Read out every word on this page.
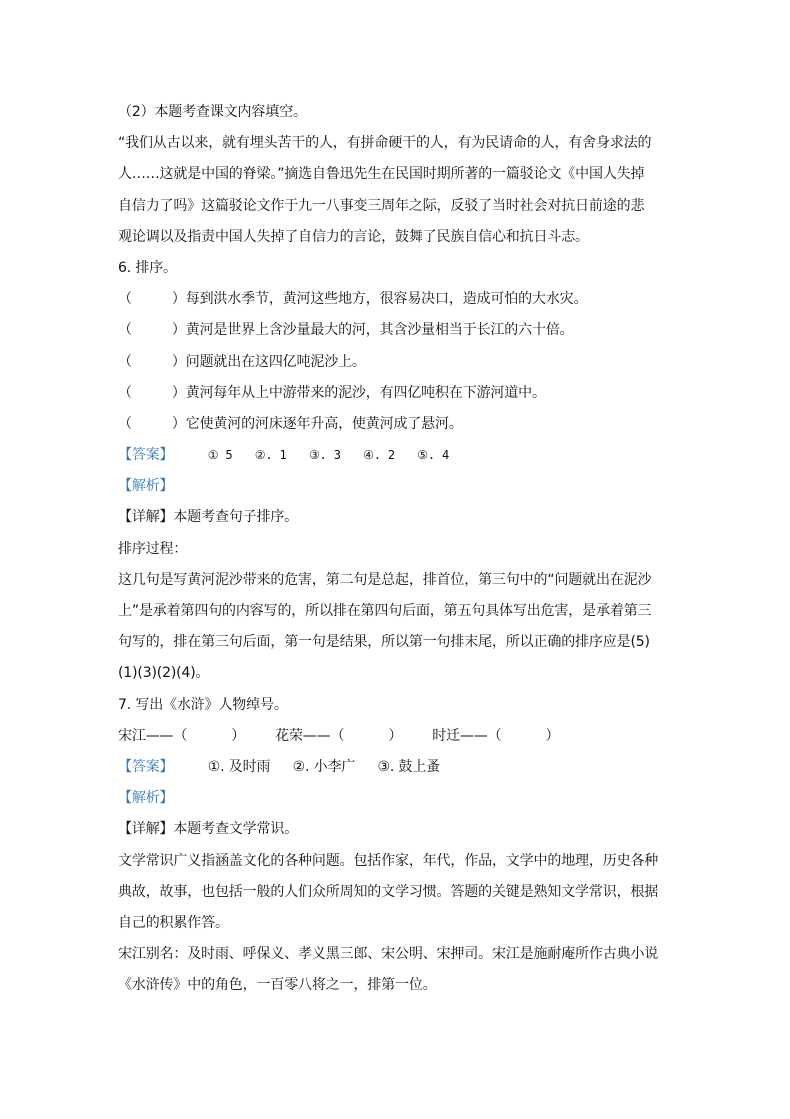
（2）本题考查课文内容填空。
“我们从古以来，就有埋头苦干的人，有拼命硬干的人，有为民请命的人，有舍身求法的
人……这就是中国的脊梁。”摘选自鲁迅先生在民国时期所著的一篇驳论文《中国人失掉
自信力了吗》这篇驳论文作于九一八事变三周年之际，反驳了当时社会对抗日前途的悲
观论调以及指责中国人失掉了自信力的言论，鼓舞了民族自信心和抗日斗志。
6. 排序。
（	）每到洪水季节，黄河这些地方，很容易决口，造成可怕的大水灾。
（	）黄河是世界上含沙量最大的河，其含沙量相当于长江的六十倍。
（	）问题就出在这四亿吨泥沙上。
（	）黄河每年从上中游带来的泥沙，有四亿吨积在下游河道中。
（	）它使黄河的河床逐年升高，使黄河成了悬河。
【答案】	① 5 ②. 1 ③. 3 ④. 2 ⑤. 4
【解析】
【详解】本题考查句子排序。
排序过程：
这几句是写黄河泥沙带来的危害，第二句是总起，排首位，第三句中的“问题就出在泥沙
上”是承着第四句的内容写的，所以排在第四句后面，第五句具体写出危害，是承着第三
句写的，排在第三句后面，第一句是结果，所以第一句排末尾，所以正确的排序应是(5)
(1)(3)(2)(4)。
7. 写出《水浒》人物绰号。
宋江——（	） 花荣——（	） 时迁——（	）
【答案】 ①. 及时雨 ②. 小李广 ③. 鼓上蚤
【解析】
【详解】本题考查文学常识。
文学常识广义指涵盖文化的各种问题。包括作家，年代，作品，文学中的地理，历史各种
典故，故事，也包括一般的人们众所周知的文学习惯。答题的关键是熟知文学常识，根据
自己的积累作答。
宋江别名：及时雨、呼保义、孝义黑三郎、宋公明、宋押司。宋江是施耐庵所作古典小说
《水浒传》中的角色，一百零八将之一，排第一位。
